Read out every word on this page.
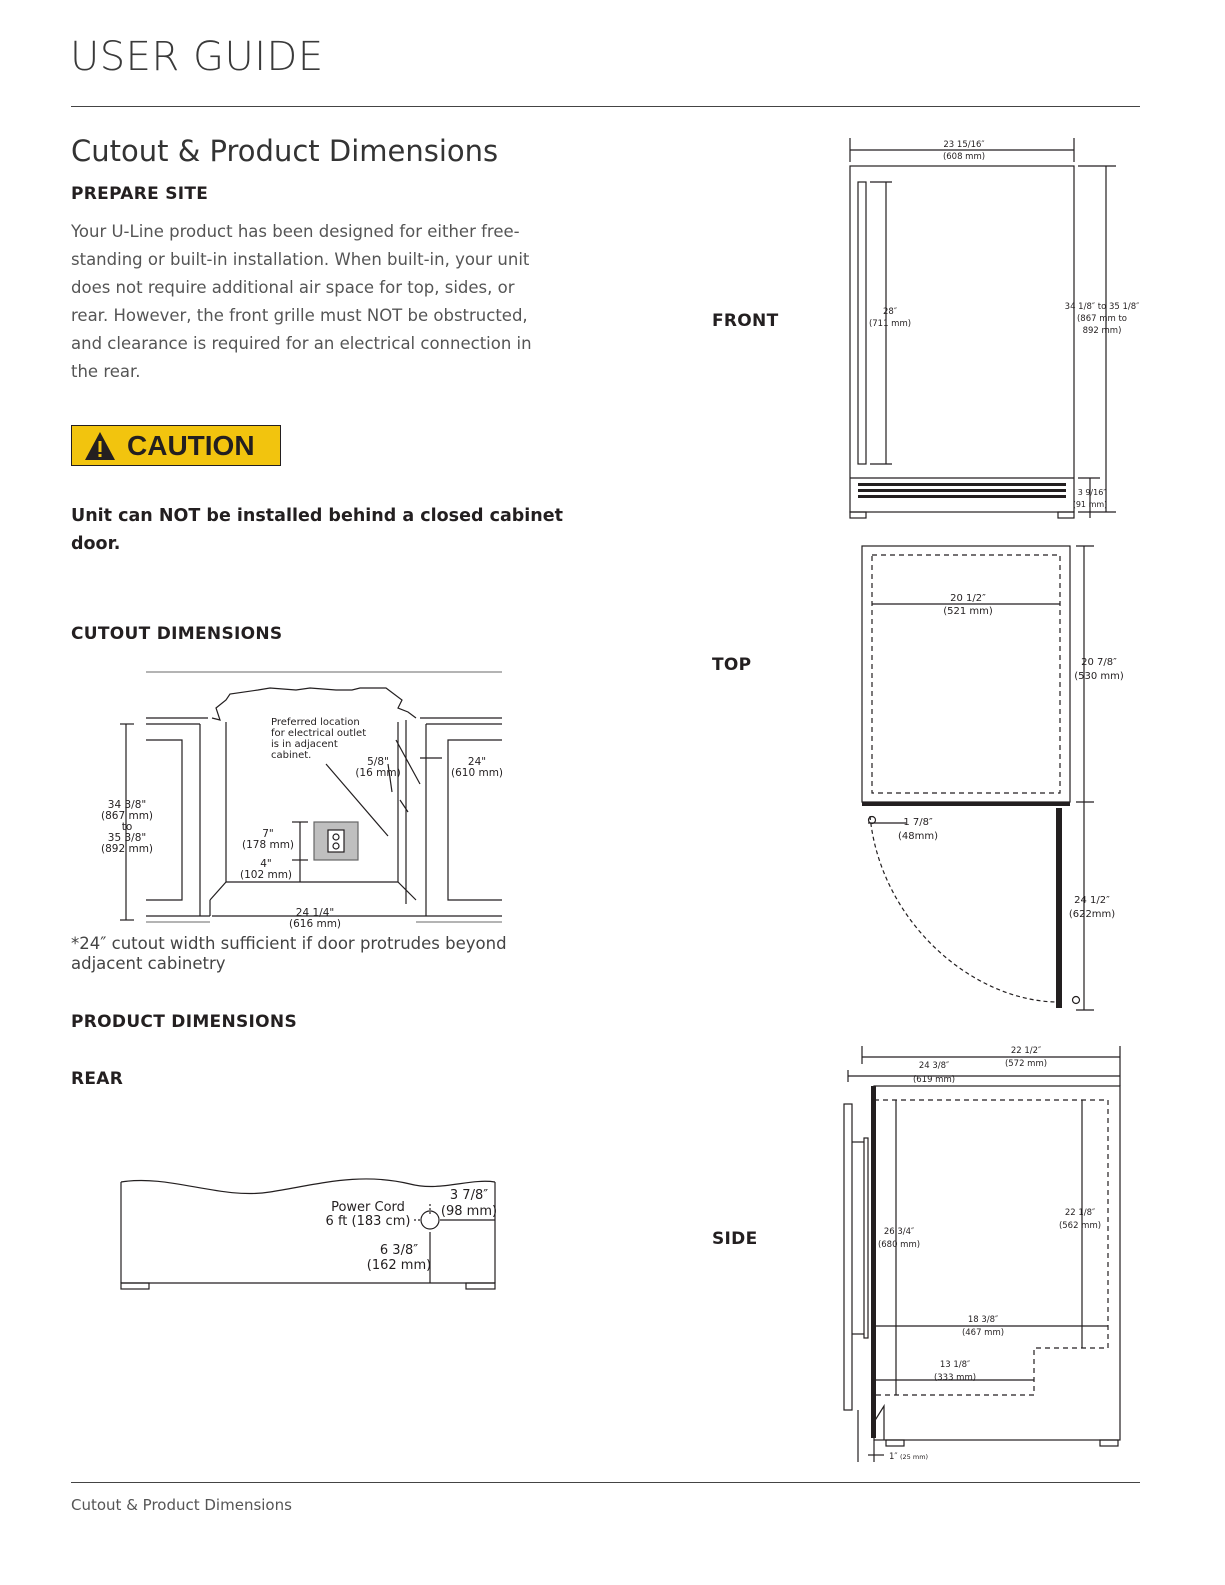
USER GUIDE
Cutout & Product Dimensions
PREPARE SITE
Your U-Line product has been designed for either free-
standing or built-in installation. When built-in, your unit
does not require additional air space for top, sides, or
rear. However, the front grille must NOT be obstructed,
and clearance is required for an electrical connection in
the rear.
CAUTION
Unit can NOT be installed behind a closed cabinet
door.
CUTOUT DIMENSIONS
Preferred location
for electrical outlet
is in adjacent
cabinet.
24"
(610 mm)
5/8"
(16 mm)
34 3/8"
(867 mm)
to
35 3/8"
(892 mm)
7"
(178 mm)
4"
(102 mm)
24 1/4"
(616 mm)
*24″ cutout width sufficient if door protrudes beyond
adjacent cabinetry
PRODUCT DIMENSIONS
REAR
Power Cord
6 ft (183 cm)
3 7/8″
(98 mm)
6 3/8″
(162 mm)
FRONT
TOP
SIDE
23 15/16″
(608 mm)
28″
(711 mm)
34 1/8″ to 35 1/8″
(867 mm to
892 mm)
3 9/16″
(91 mm)
20 1/2″
(521 mm)
20 7/8″
(530 mm)
1 7/8″
(48mm)
24 1/2″
(622mm)
24 3/8″
(619 mm)
22 1/2″
(572 mm)
26 3/4″
(680 mm)
22 1/8″
(562 mm)
18 3/8″
(467 mm)
13 1/8″
(333 mm)
1″ (25 mm)
Cutout & Product Dimensions
